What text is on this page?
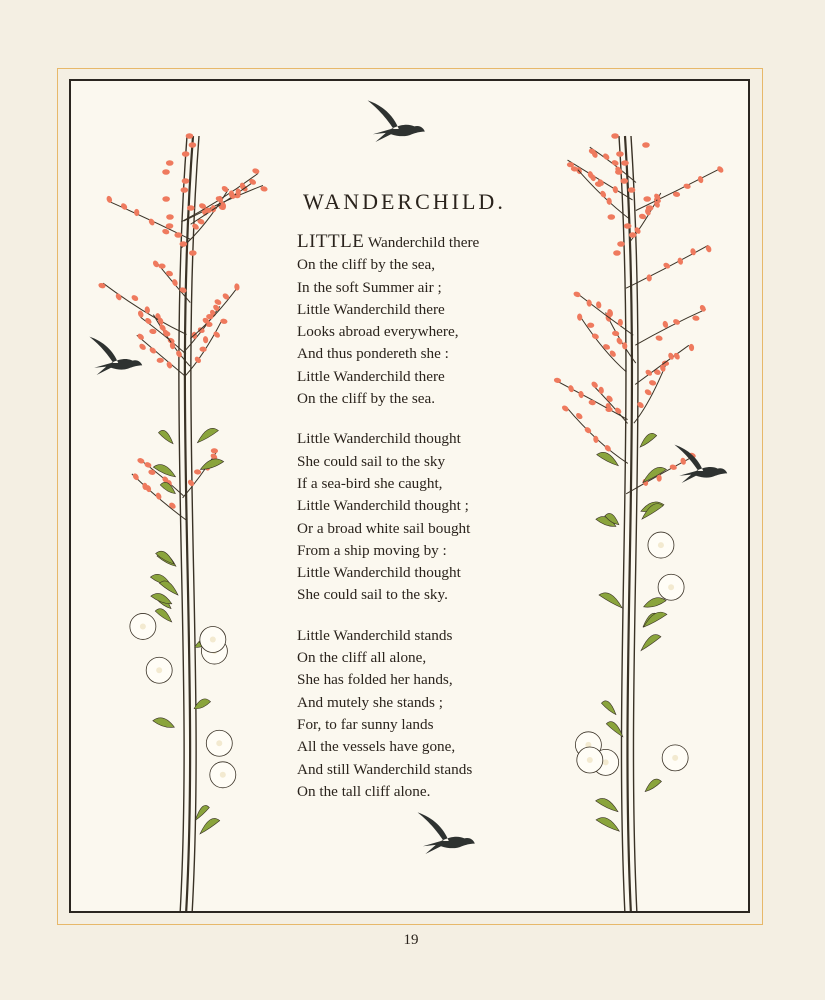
WANDERCHILD.
LITTLE Wanderchild there
On the cliff by the sea,
In the soft Summer air ;
Little Wanderchild there
Looks abroad everywhere,
And thus pondereth she :
Little Wanderchild there
On the cliff by the sea.
Little Wanderchild thought
She could sail to the sky
If a sea-bird she caught,
Little Wanderchild thought ;
Or a broad white sail bought
From a ship moving by :
Little Wanderchild thought
She could sail to the sky.
Little Wanderchild stands
On the cliff all alone,
She has folded her hands,
And mutely she stands ;
For, to far sunny lands
All the vessels have gone,
And still Wanderchild stands
On the tall cliff alone.
19
